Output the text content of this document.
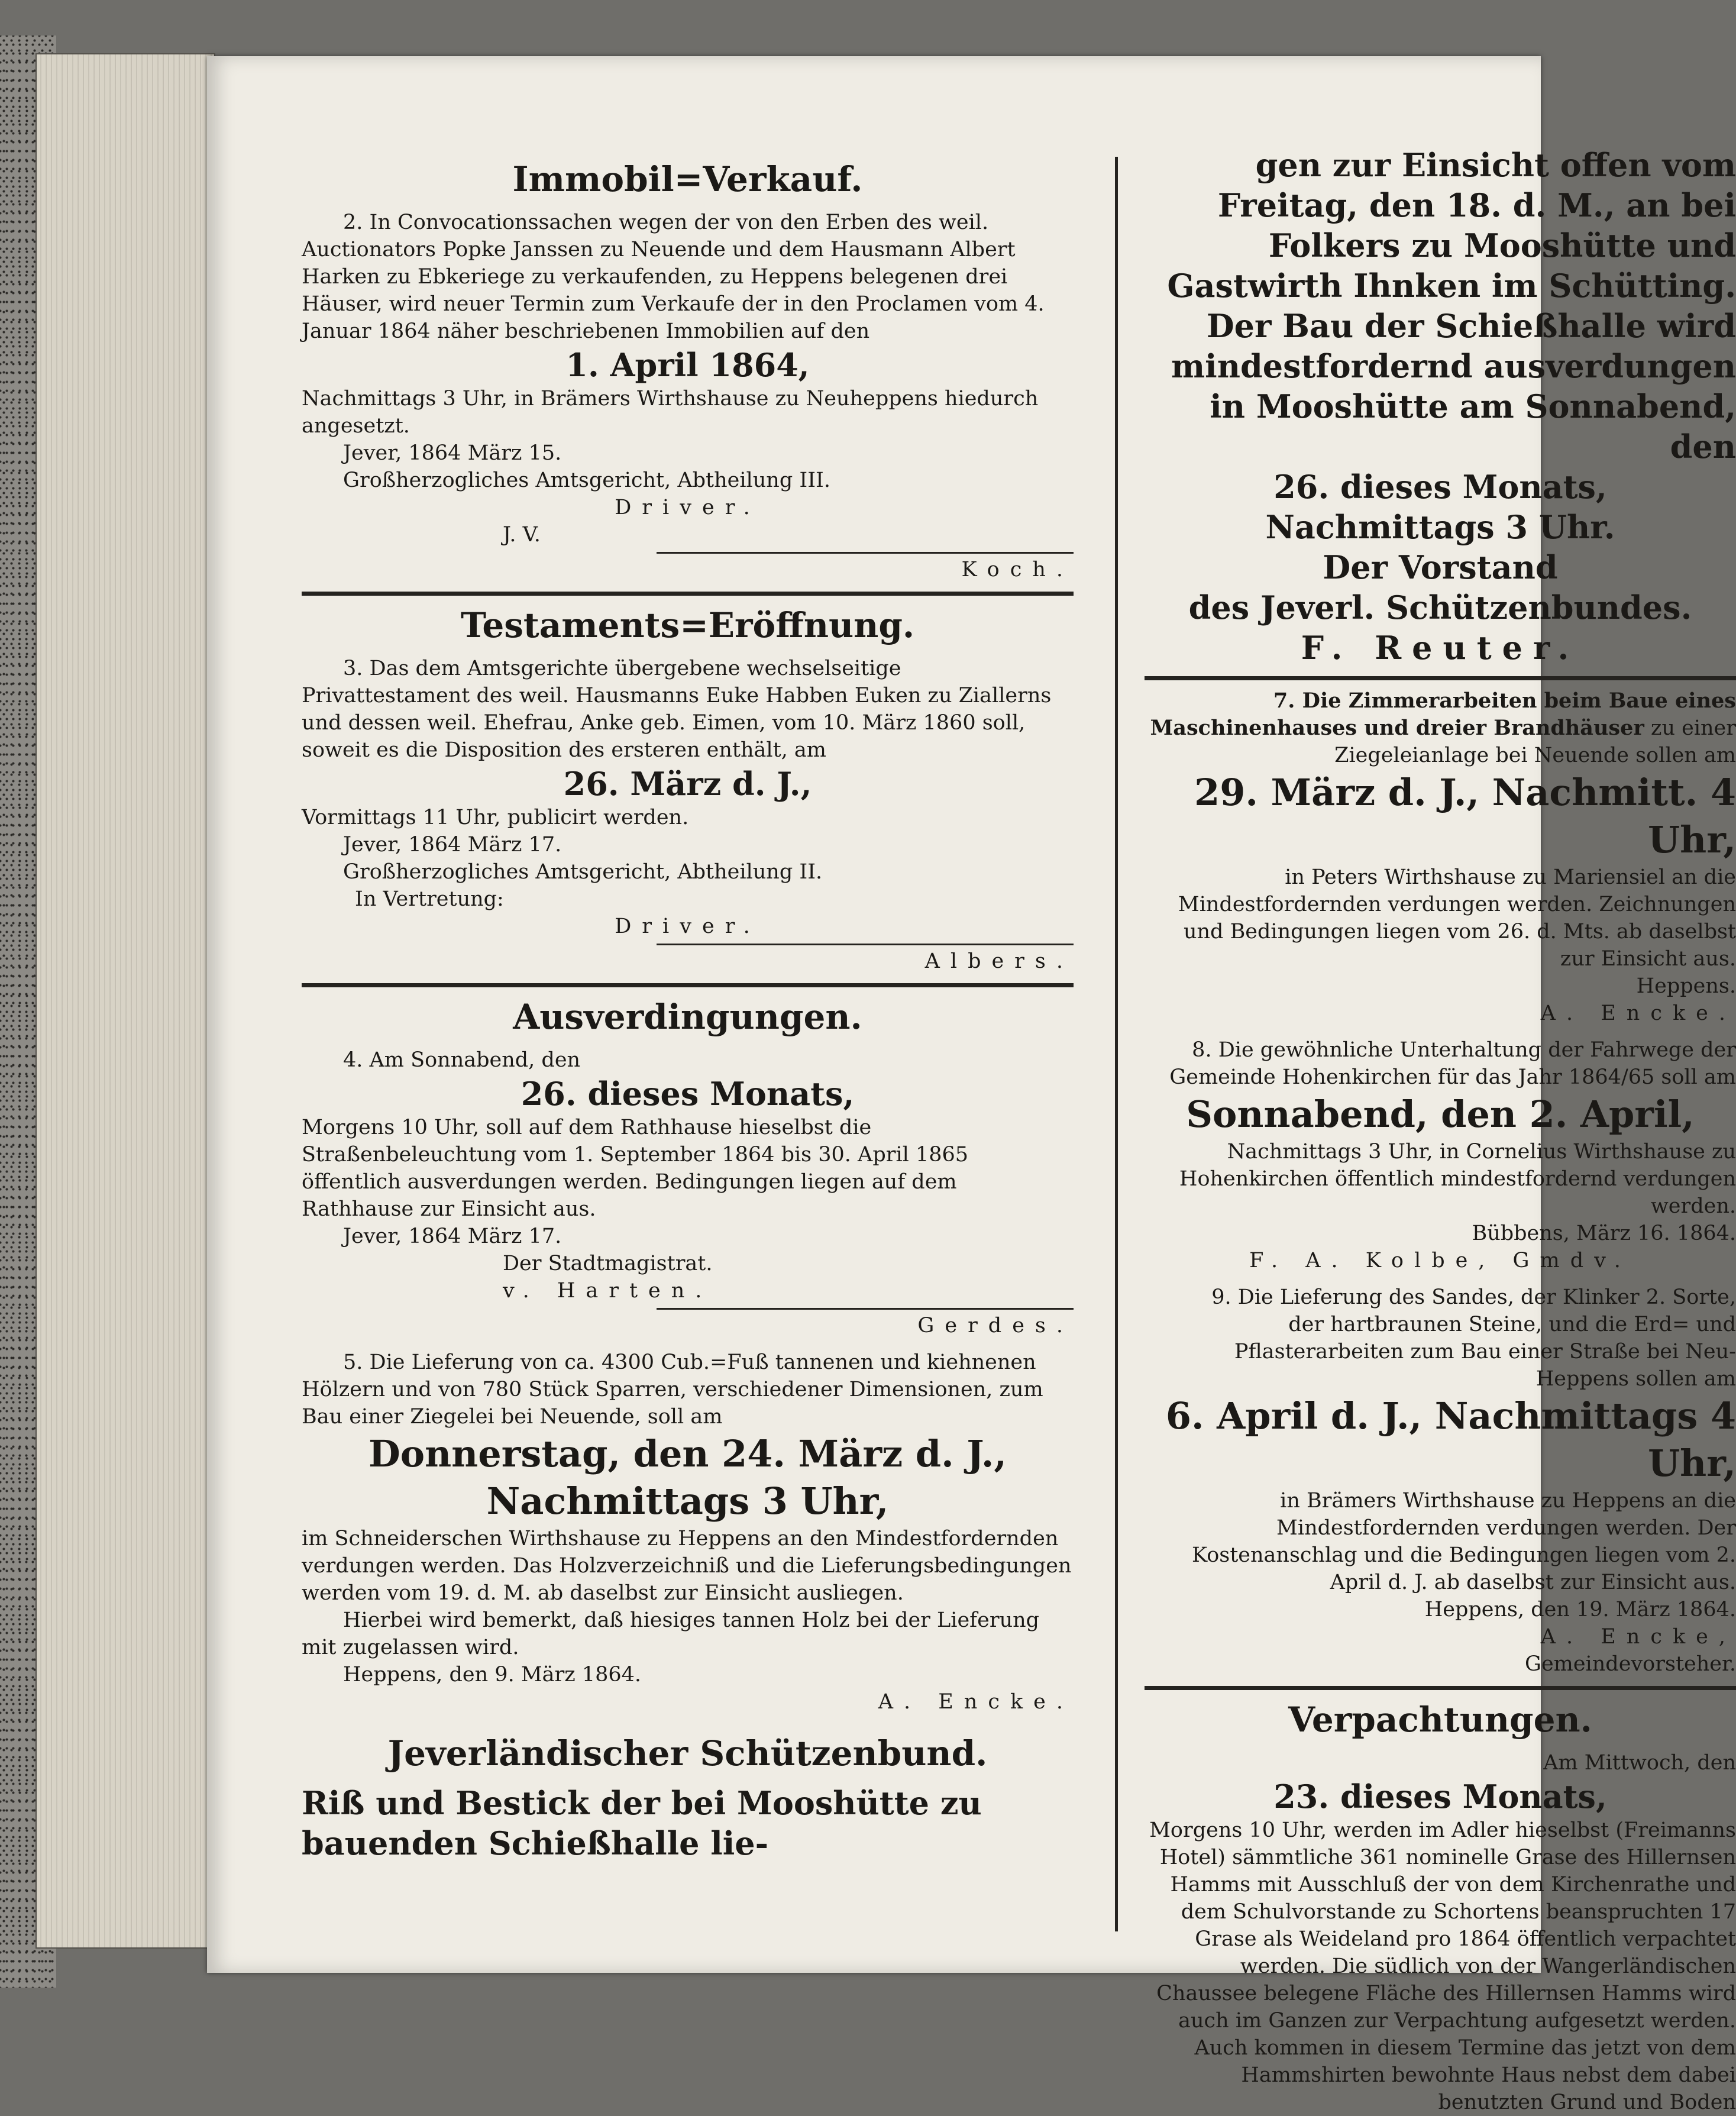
Immobil=Verkauf.

2. In Convocationssachen wegen der von den Erben des weil. Auctionators Popke Janssen zu Neuende und dem Hausmann Albert Harken zu Ebkeriege zu verkaufenden, zu Heppens belegenen drei Häuser, wird neuer Termin zum Verkaufe der in den Proclamen vom 4. Januar 1864 näher beschriebenen Immobilien auf den

1. April 1864,

Nachmittags 3 Uhr, in Brämers Wirthshause zu Neuheppens hiedurch angesetzt.

Jever, 1864 März 15.

Großherzogliches Amtsgericht, Abtheilung III.

Driver.

J. V.

Koch.

Testaments=Eröffnung.

3. Das dem Amtsgerichte übergebene wechselseitige Privattestament des weil. Hausmanns Euke Habben Euken zu Ziallerns und dessen weil. Ehefrau, Anke geb. Eimen, vom 10. März 1860 soll, soweit es die Disposition des ersteren enthält, am

26. März d. J.,

Vormittags 11 Uhr, publicirt werden.

Jever, 1864 März 17.

Großherzogliches Amtsgericht, Abtheilung II.

In Vertretung:

Driver.

Albers.

Ausverdingungen.

4. Am Sonnabend, den

26. dieses Monats,

Morgens 10 Uhr, soll auf dem Rathhause hieselbst die Straßenbeleuchtung vom 1. September 1864 bis 30. April 1865 öffentlich ausverdungen werden. Bedingungen liegen auf dem Rathhause zur Einsicht aus.

Jever, 1864 März 17.

Der Stadtmagistrat.

v. Harten.

Gerdes.

5. Die Lieferung von ca. 4300 Cub.=Fuß tannenen und kiehnenen Hölzern und von 780 Stück Sparren, verschiedener Dimensionen, zum Bau einer Ziegelei bei Neuende, soll am

Donnerstag, den 24. März d. J.,

Nachmittags 3 Uhr,

im Schneiderschen Wirthshause zu Heppens an den Mindestfordernden verdungen werden. Das Holzverzeichniß und die Lieferungsbedingungen werden vom 19. d. M. ab daselbst zur Einsicht ausliegen.

Hierbei wird bemerkt, daß hiesiges tannen Holz bei der Lieferung mit zugelassen wird.

Heppens, den 9. März 1864.

A. Encke.

Jeverländischer Schützenbund.

Riß und Bestick der bei Mooshütte zu bauenden Schießhalle lie-

gen zur Einsicht offen vom Freitag, den 18. d. M., an bei Folkers zu Mooshütte und Gastwirth Ihnken im Schütting.

Der Bau der Schießhalle wird mindestfordernd ausverdungen in Mooshütte am Sonnabend, den

26. dieses Monats,

Nachmittags 3 Uhr.

Der Vorstand

des Jeverl. Schützenbundes.

F. Reuter.

7. Die Zimmerarbeiten beim Baue eines Maschinenhauses und dreier Brandhäuser zu einer Ziegeleianlage bei Neuende sollen am

29. März d. J., Nachmitt. 4 Uhr,

in Peters Wirthshause zu Mariensiel an die Mindestfordernden verdungen werden. Zeichnungen und Bedingungen liegen vom 26. d. Mts. ab daselbst zur Einsicht aus.

Heppens.

A. Encke.

8. Die gewöhnliche Unterhaltung der Fahrwege der Gemeinde Hohenkirchen für das Jahr 1864/65 soll am

Sonnabend, den 2. April,

Nachmittags 3 Uhr, in Cornelius Wirthshause zu Hohenkirchen öffentlich mindestfordernd verdungen werden.

Bübbens, März 16. 1864.

F. A. Kolbe, Gmdv.

9. Die Lieferung des Sandes, der Klinker 2. Sorte, der hartbraunen Steine, und die Erd= und Pflasterarbeiten zum Bau einer Straße bei Neu-Heppens sollen am

6. April d. J., Nachmittags 4 Uhr,

in Brämers Wirthshause zu Heppens an die Mindestfordernden verdungen werden. Der Kostenanschlag und die Bedingungen liegen vom 2. April d. J. ab daselbst zur Einsicht aus.

Heppens, den 19. März 1864.

A. Encke,

Gemeindevorsteher.

Verpachtungen.

Am Mittwoch, den

23. dieses Monats,

Morgens 10 Uhr, werden im Adler hieselbst (Freimanns Hotel) sämmtliche 361 nominelle Grase des Hillernsen Hamms mit Ausschluß der von dem Kirchenrathe und dem Schulvorstande zu Schortens beanspruchten 17 Grase als Weideland pro 1864 öffentlich verpachtet werden. Die südlich von der Wangerländischen Chaussee belegene Fläche des Hillernsen Hamms wird auch im Ganzen zur Verpachtung aufgesetzt werden. Auch kommen in diesem Termine das jetzt von dem Hammshirten bewohnte Haus nebst dem dabei benutzten Grund und Boden
